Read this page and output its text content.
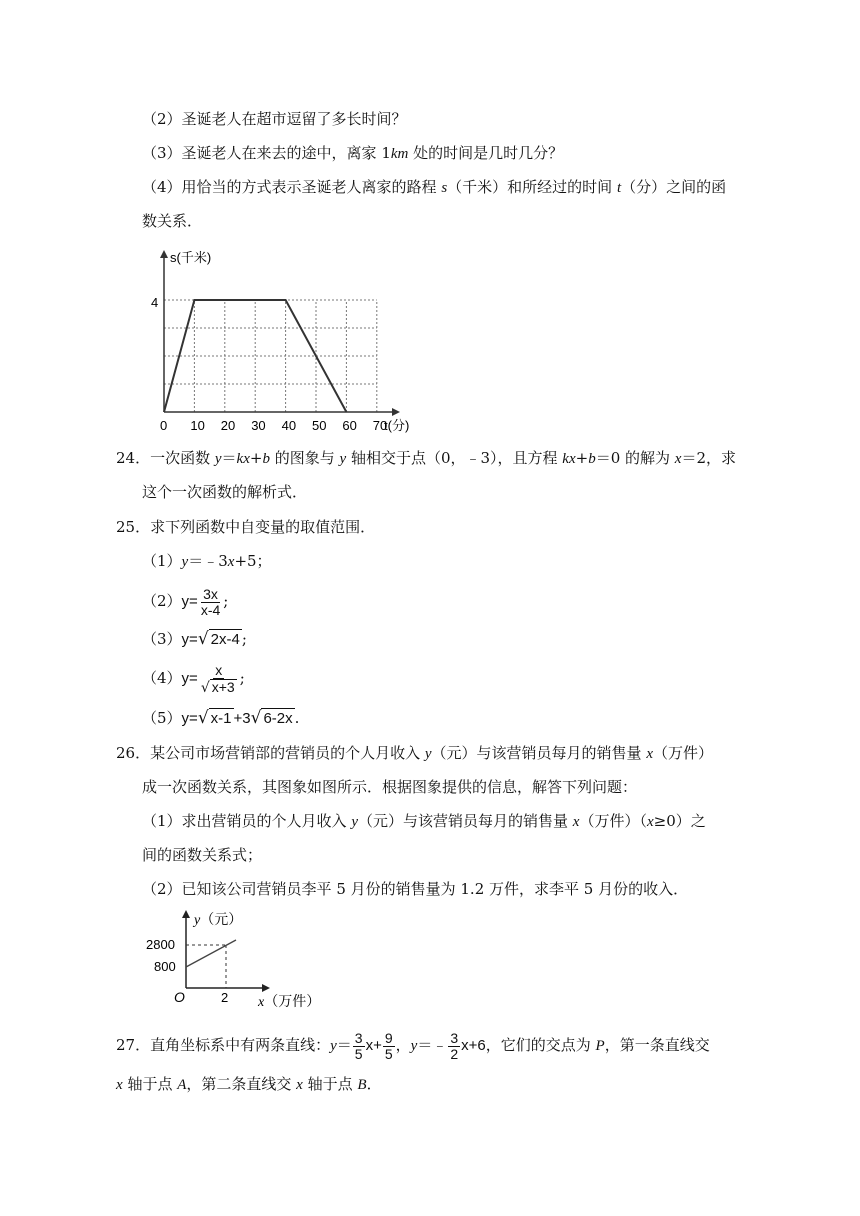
（2）圣诞老人在超市逗留了多长时间？
（3）圣诞老人在来去的途中，离家 1km 处的时间是几时几分？
（4）用恰当的方式表示圣诞老人离家的路程 s（千米）和所经过的时间 t（分）之间的函
数关系．
s(千米)
t(分)
4
0 10 20 30 40 50 60 70
24．一次函数 y＝kx+b 的图象与 y 轴相交于点（0，﹣3），且方程 kx+b＝0 的解为 x＝2，求
这个一次函数的解析式．
25．求下列函数中自变量的取值范围．
（1）y＝﹣3x+5；
$(2)y= \frac{3x}{x-4}$ ;
（3）y=√ 2x-4 ;
$(4)y= \frac{x}{√ x+3}$ ;
（5）y=√ x-1 +3√ 6-2x .
26．某公司市场营销部的营销员的个人月收入 y（元）与该营销员每月的销售量 x（万件）
成一次函数关系，其图象如图所示．根据图象提供的信息，解答下列问题：
（1）求出营销员的个人月收入 y（元）与该营销员每月的销售量 x（万件）（x≥0）之
间的函数关系式；
（2）已知该公司营销员李平 5 月份的销售量为 1.2 万件，求李平 5 月份的收入．
y（元）
x（万件）
O
2800
800
2
27．直角坐标系中有两条直线：$y= \frac{3}{5} x+ \frac{9}{5}$ ，y＝﹣ $\frac{3}{2} x+6$，它们的交点为 P，第一条直线交
x 轴于点 A，第二条直线交 x 轴于点 B．
